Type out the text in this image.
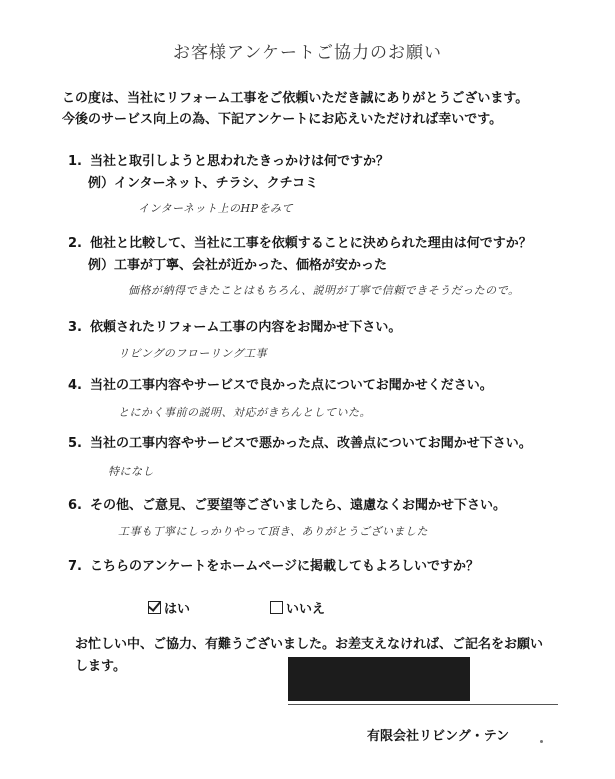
お客様アンケートご協力のお願い
この度は、当社にリフォーム工事をご依頼いただき誠にありがとうございます。
今後のサービス向上の為、下記アンケートにお応えいただければ幸いです。
1. 当社と取引しようと思われたきっかけは何ですか？
例）インターネット、チラシ、クチコミ
インターネット上のHPをみて
2. 他社と比較して、当社に工事を依頼することに決められた理由は何ですか？
例）工事が丁寧、会社が近かった、価格が安かった
価格が納得できたことはもちろん、説明が丁寧で信頼できそうだったので。
3. 依頼されたリフォーム工事の内容をお聞かせ下さい。
リビングのフローリング工事
4. 当社の工事内容やサービスで良かった点についてお聞かせください。
とにかく事前の説明、対応がきちんとしていた。
5. 当社の工事内容やサービスで悪かった点、改善点についてお聞かせ下さい。
特になし
6. その他、ご意見、ご要望等ございましたら、遠慮なくお聞かせ下さい。
工事も丁寧にしっかりやって頂き、ありがとうございました
7. こちらのアンケートをホームページに掲載してもよろしいですか？
はい	いいえ
お忙しい中、ご協力、有難うございました。お差支えなければ、ご記名をお願いします。
有限会社リビング・テン
